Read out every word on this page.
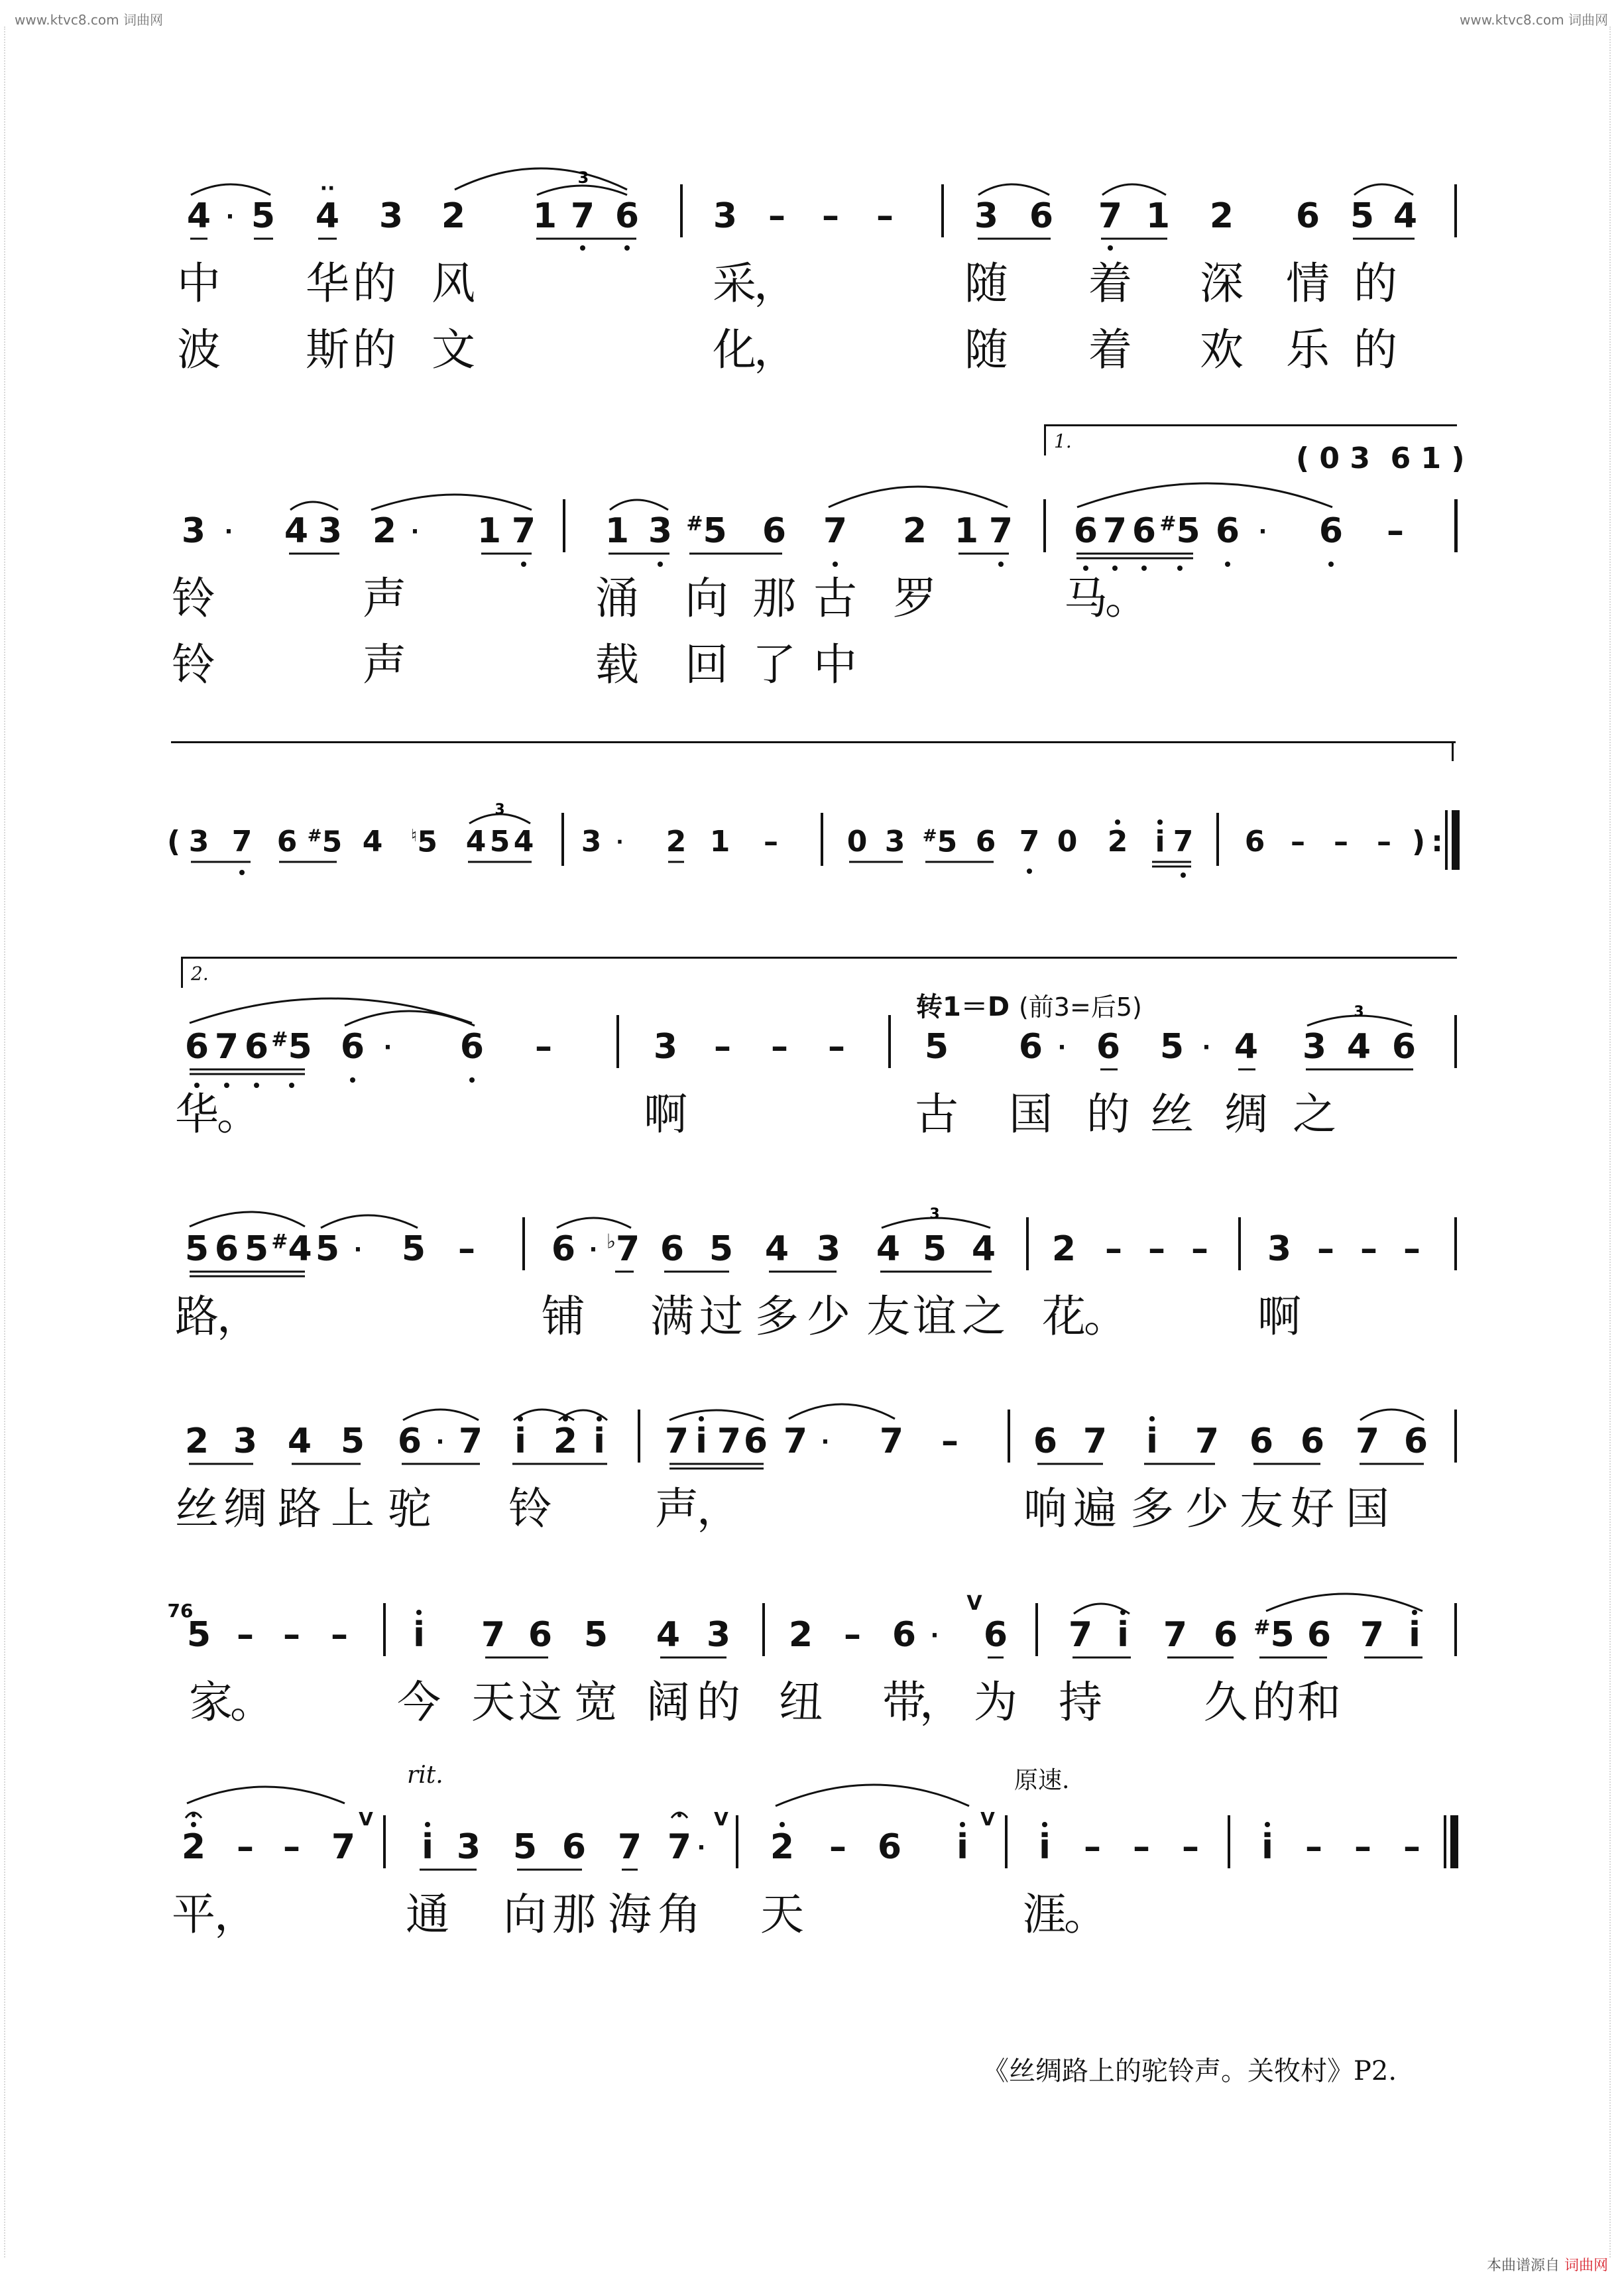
www.ktvc8.com 词曲网	www.ktvc8.com 词曲网
4 · 5 4
··
3 2 1 7 6 3 – – – 3 6 7 1 2 6 5 4
3
中 华 的 风	采
，	随 着 深 情 的
波 斯 的 文	化
，	随 着 欢 乐 的
1.
( 0 3  6 1 )
3 · 4 3 2 · 1 7 1 3 #5 6 7 2 1 7 6 7 6 #5 6 · 6 –
铃	声	涌 向 那 古 罗	马
。
铃	声	载 回 了 中
( 3 7 6 #5 4 ♮5 4 5 4 3 · 2 1 – 0 3 #5 6 7 0 2 i 7 6 – – – ) :
3
2.
转1＝D (前3=后5)
6 7 6 #5 6 · 6 –	3 – – – 5 6 · 6 5 · 4 3 4 6
3
华
。	啊	古 国 的 丝 绸 之
5 6 5 #4 5 · 5 – 6 · ♭7 6 5 4 3 4 5 4 2 – – – 3 – – –
3
路
，	铺 满 过 多 少 友 谊 之 花
。	啊
2 3 4 5 6 · 7 i 2 i 7 i 7 6 7 · 7 – 6 7 i 7 6 6 7 6
丝 绸 路 上 驼 铃 声
，	响 遍 多 少 友 好 国
76
5 – – – i 7 6 5 4 3 2 – 6 ·
V
6 7 i 7 6 #5 6 7 i
家
。	今 天 这 宽 阔 的 纽 带
， 为 持 久 的 和
rit.	原速.
2 – – 7
V
i 3 5 6 7 7 ·
V
2 – 6 i
V
i – – – i – – –
平
，	通 向 那 海 角 天	涯
。
《丝绸路上的驼铃声。关牧村》P2.
本曲谱源自 词曲网
